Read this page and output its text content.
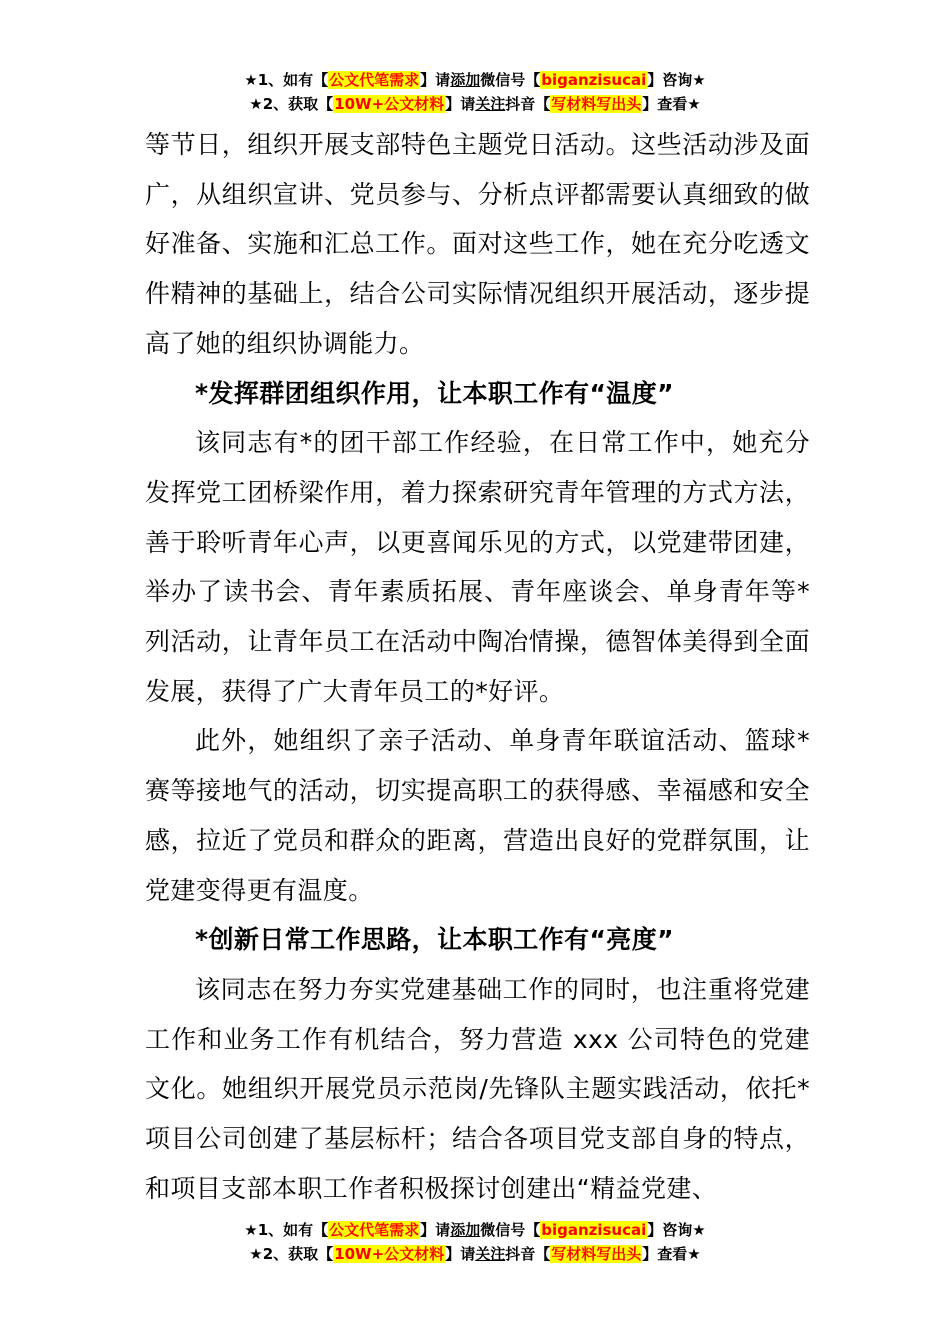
★1、如有【公文代笔需求】请添加微信号【biganzisucai】咨询★
★2、获取【10W+公文材料】请关注抖音【写材料写出头】查看★

等节日，组织开展支部特色主题党日活动。这些活动涉及面广，从组织宣讲、党员参与、分析点评都需要认真细致的做好准备、实施和汇总工作。面对这些工作，她在充分吃透文件精神的基础上，结合公司实际情况组织开展活动，逐步提高了她的组织协调能力。

*发挥群团组织作用，让本职工作有“温度”

该同志有*的团干部工作经验，在日常工作中，她充分发挥党工团桥梁作用，着力探索研究青年管理的方式方法，善于聆听青年心声，以更喜闻乐见的方式，以党建带团建，举办了读书会、青年素质拓展、青年座谈会、单身青年等*列活动，让青年员工在活动中陶冶情操，德智体美得到全面发展，获得了广大青年员工的*好评。

此外，她组织了亲子活动、单身青年联谊活动、篮球*赛等接地气的活动，切实提高职工的获得感、幸福感和安全感，拉近了党员和群众的距离，营造出良好的党群氛围，让党建变得更有温度。

*创新日常工作思路，让本职工作有“亮度”

该同志在努力夯实党建基础工作的同时，也注重将党建工作和业务工作有机结合，努力营造 xxx 公司特色的党建文化。她组织开展党员示范岗/先锋队主题实践活动，依托*项目公司创建了基层标杆；结合各项目党支部自身的特点，和项目支部本职工作者积极探讨创建出“精益党建、

★1、如有【公文代笔需求】请添加微信号【biganzisucai】咨询★
★2、获取【10W+公文材料】请关注抖音【写材料写出头】查看★
